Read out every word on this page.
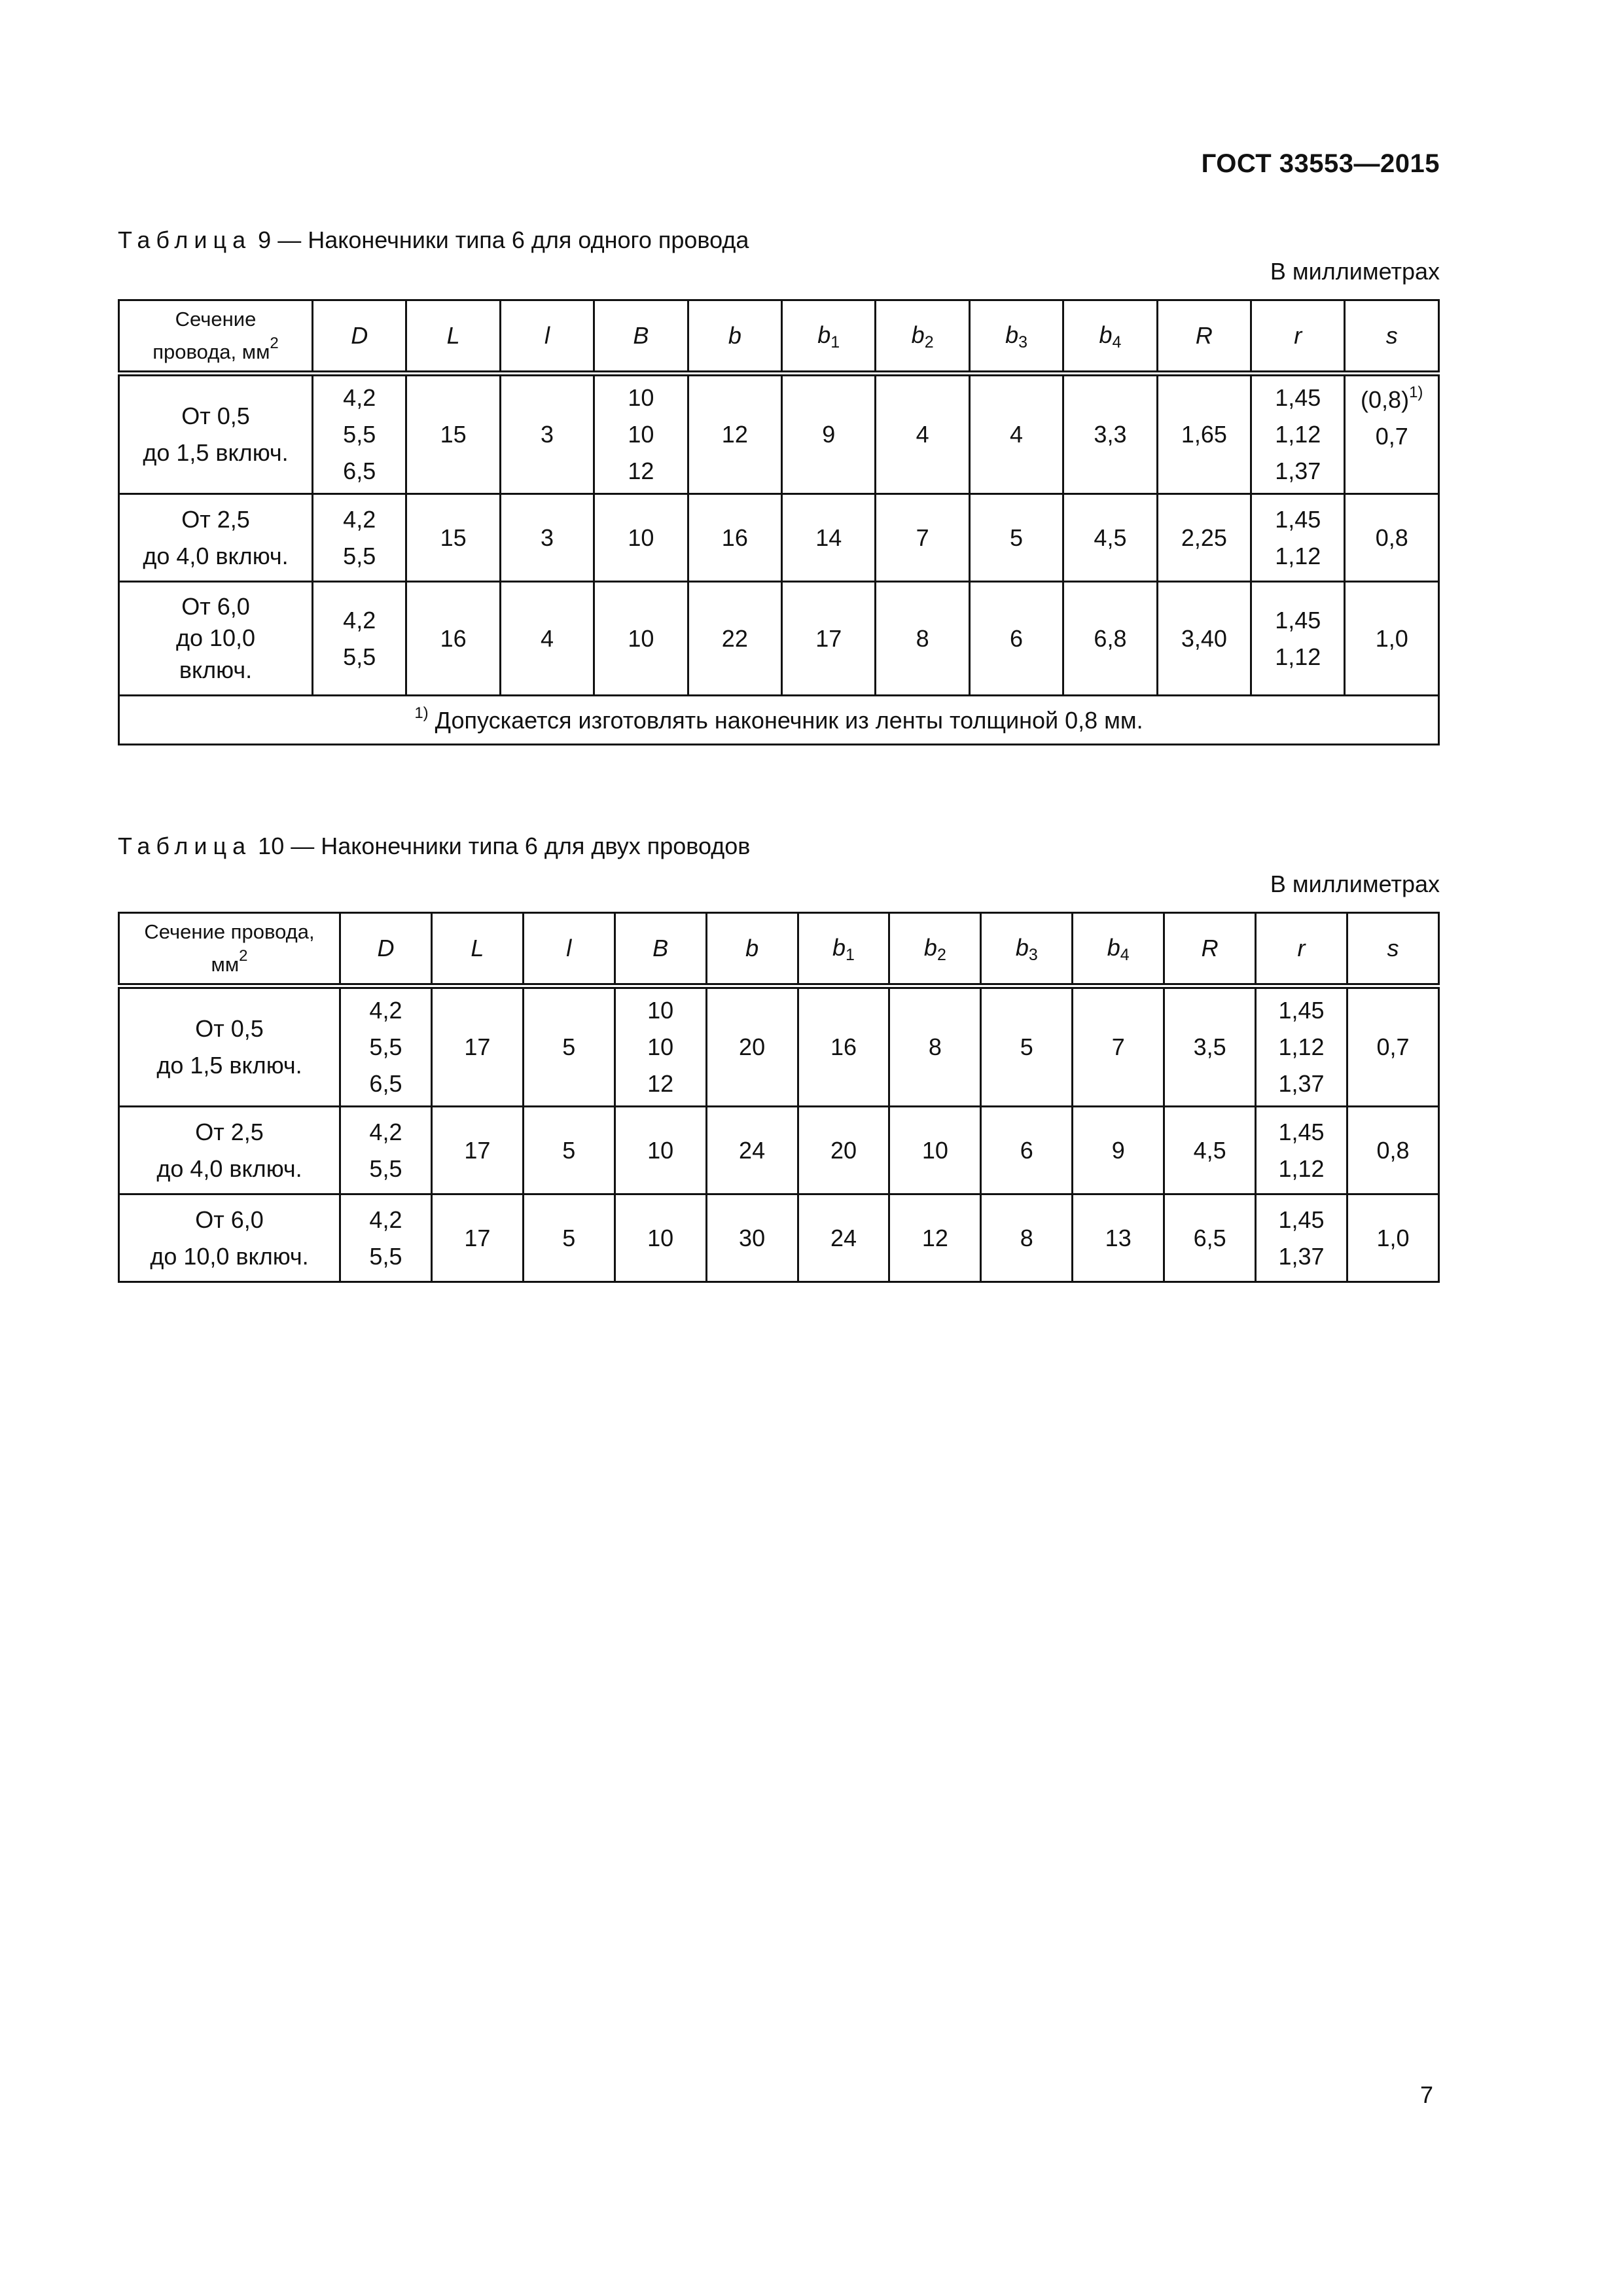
ГОСТ 33553—2015
Таблица 9 — Наконечники типа 6 для одного провода
В миллиметрах
Сечение
провода, $мм^2$	D	L	l	B	b	$b_1$	$b_2$	$b_3$	$b_4$	R	r	s

От 0,5
до 1,5 включ.	4,2
5,5
6,5	15	3	10
10
12	12	9	4	4	3,3	1,65	1,45
1,12
1,37	$(0,8)^{1)}$
0,7

От 2,5
до 4,0 включ.	4,2
5,5	15	3	10	16	14	7	5	4,5	2,25	1,45
1,12	0,8

От 6,0
до 10,0
включ.	4,2
5,5	16	4	10	22	17	8	6	6,8	3,40	1,45
1,12	1,0
$^{1)}$ Допускается изготовлять наконечник из ленты толщиной 0,8 мм.												
Таблица 10 — Наконечники типа 6 для двух проводов
В миллиметрах
Сечение провода,
$мм^2$	D	L	l	B	b	$b_1$	$b_2$	$b_3$	$b_4$	R	r	s

От 0,5
до 1,5 включ.	4,2
5,5
6,5	17	5	10
10
12	20	16	8	5	7	3,5	1,45
1,12
1,37	0,7

От 2,5
до 4,0 включ.	4,2
5,5	17	5	10	24	20	10	6	9	4,5	1,45
1,12	0,8

От 6,0
до 10,0 включ.	4,2
5,5	17	5	10	30	24	12	8	13	6,5	1,45
1,37	1,0
7
